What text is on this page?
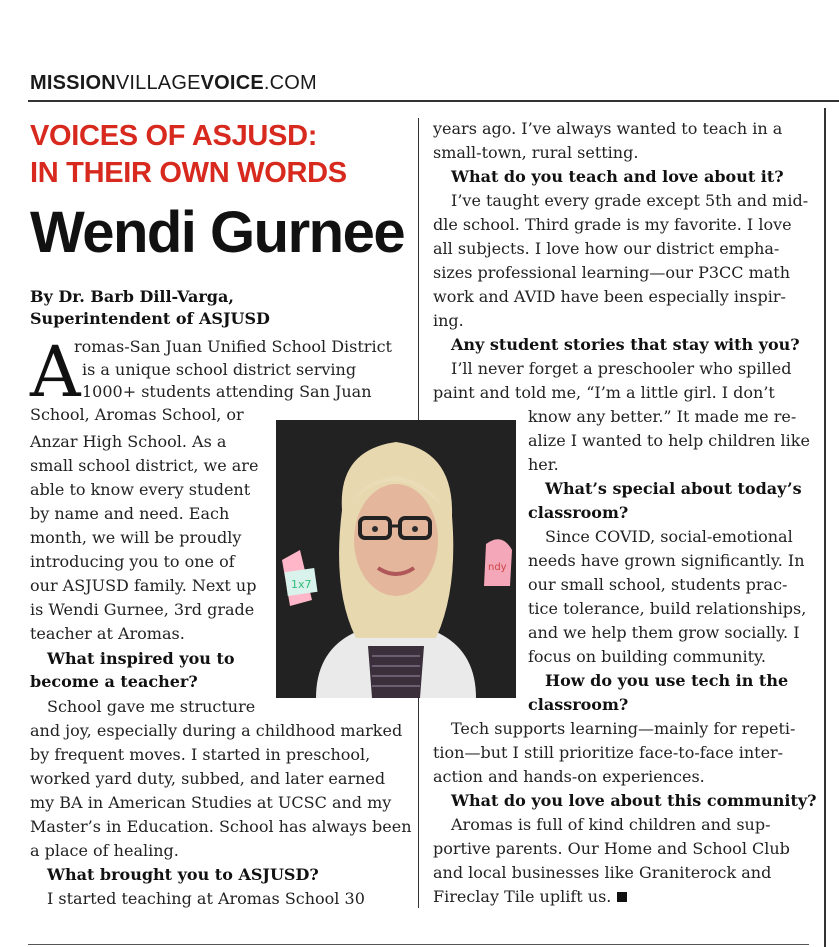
MISSIONVILLAGEVOICE.COM
VOICES OF ASJUSD:
IN THEIR OWN WORDS
Wendi Gurnee
By Dr. Barb Dill-Varga,
Superintendent of ASJUSD
A

romas-San Juan Unified School District

is a unique school district serving

1000+ students attending San Juan

School, Aromas School, or

Anzar High School. As a

small school district, we are

able to know every student

by name and need. Each

month, we will be proudly

introducing you to one of

our ASJUSD family. Next up

is Wendi Gurnee, 3rd grade

teacher at Aromas.

What inspired you to

become a teacher?

School gave me structure

and joy, especially during a childhood marked

by frequent moves. I started in preschool,

worked yard duty, subbed, and later earned

my BA in American Studies at UCSC and my

Master’s in Education. School has always been

a place of healing.

What brought you to ASJUSD?

I started teaching at Aromas School 30

1x7
ndy

years ago. I’ve always wanted to teach in a

small-town, rural setting.

What do you teach and love about it?

I’ve taught every grade except 5th and mid-

dle school. Third grade is my favorite. I love

all subjects. I love how our district empha-

sizes professional learning—our P3CC math

work and AVID have been especially inspir-

ing.

Any student stories that stay with you?

I’ll never forget a preschooler who spilled

paint and told me, “I’m a little girl. I don’t

know any better.” It made me re-

alize I wanted to help children like

her.

What’s special about today’s

classroom?

Since COVID, social-emotional

needs have grown significantly. In

our small school, students prac-

tice tolerance, build relationships,

and we help them grow socially. I

focus on building community.

How do you use tech in the

classroom?

Tech supports learning—mainly for repeti-

tion—but I still prioritize face-to-face inter-

action and hands-on experiences.

What do you love about this community?

Aromas is full of kind children and sup-

portive parents. Our Home and School Club

and local businesses like Graniterock and

Fireclay Tile uplift us.
